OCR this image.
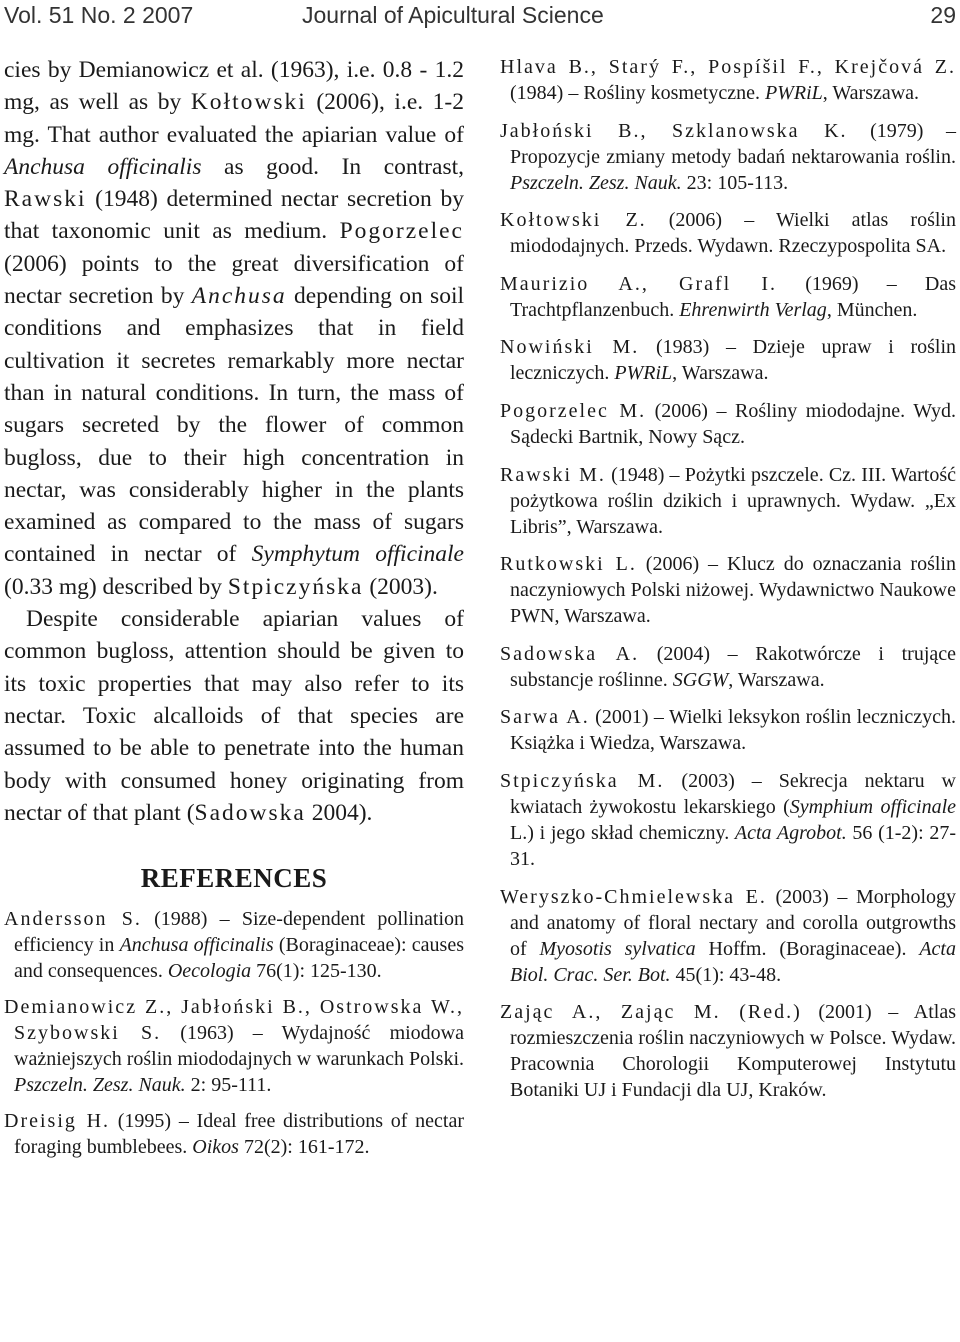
Vol. 51 No. 2 2007	Journal of Apicultural Science	29

cies by Demianowicz et al. (1963), i.e. 0.8 - 1.2 mg, as well as by Kołtowski (2006), i.e. 1-2 mg. That author evaluated the apiarian value of Anchusa officinalis as good. In contrast, Rawski (1948) determined nectar secretion by that taxonomic unit as medium. Pogorzelec (2006) points to the great diversification of nectar secretion by Anchusa depending on soil conditions and emphasizes that in field cultivation it secretes remarkably more nectar than in natural conditions. In turn, the mass of sugars secreted by the flower of common bugloss, due to their high concentration in nectar, was considerably higher in the plants examined as compared to the mass of sugars contained in nectar of Symphytum officinale (0.33 mg) described by Stpiczyńska (2003).

Despite considerable apiarian values of common bugloss, attention should be given to its toxic properties that may also refer to its nectar. Toxic alcalloids of that species are assumed to be able to penetrate into the human body with consumed honey originating from nectar of that plant (Sadowska 2004).

REFERENCES

Andersson S. (1988) – Size-dependent pollination efficiency in Anchusa officinalis (Boraginaceae): causes and consequences. Oecologia 76(1): 125-130.

Demianowicz Z., Jabłoński B., Ostrowska W., Szybowski S. (1963) – Wydajność miodowa ważniejszych roślin miododajnych w warunkach Polski. Pszczeln. Zesz. Nauk. 2: 95-111.

Dreisig H. (1995) – Ideal free distributions of nectar foraging bumblebees. Oikos 72(2): 161-172.

Hlava B., Starý F., Pospíšil F., Krejčová Z. (1984) – Rośliny kosmetyczne. PWRiL, Warszawa.

Jabłoński B., Szklanowska K. (1979) – Propozycje zmiany metody badań nektarowania roślin. Pszczeln. Zesz. Nauk. 23: 105-113.

Kołtowski Z. (2006) – Wielki atlas roślin miododajnych. Przeds. Wydawn. Rzeczypospolita SA.

Maurizio A., Grafl I. (1969) – Das Trachtpflanzenbuch. Ehrenwirth Verlag, München.

Nowiński M. (1983) – Dzieje upraw i roślin leczniczych. PWRiL, Warszawa.

Pogorzelec M. (2006) – Rośliny miododajne. Wyd. Sądecki Bartnik, Nowy Sącz.

Rawski M. (1948) – Pożytki pszczele. Cz. III. Wartość pożytkowa roślin dzikich i uprawnych. Wydaw. „Ex Libris”, Warszawa.

Rutkowski L. (2006) – Klucz do oznaczania roślin naczyniowych Polski niżowej. Wydawnictwo Naukowe PWN, Warszawa.

Sadowska A. (2004) – Rakotwórcze i trujące substancje roślinne. SGGW, Warszawa.

Sarwa A. (2001) – Wielki leksykon roślin leczniczych. Książka i Wiedza, Warszawa.

Stpiczyńska M. (2003) – Sekrecja nektaru w kwiatach żywokostu lekarskiego (Symphium officinale L.) i jego skład chemiczny. Acta Agrobot. 56 (1-2): 27-31.

Weryszko-Chmielewska E. (2003) – Morphology and anatomy of floral nectary and corolla outgrowths of Myosotis sylvatica Hoffm. (Boraginaceae). Acta Biol. Crac. Ser. Bot. 45(1): 43-48.

Zając A., Zając M. (Red.) (2001) – Atlas rozmieszczenia roślin naczyniowych w Polsce. Wydaw. Pracownia Chorologii Komputerowej Instytutu Botaniki UJ i Fundacji dla UJ, Kraków.
